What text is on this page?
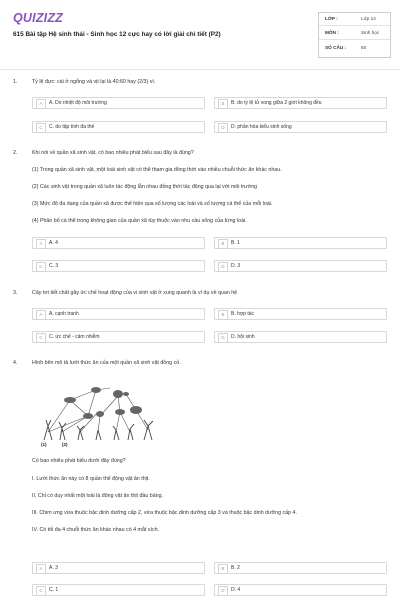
QUIZIZZ
615 Bài tập Hệ sinh thái - Sinh học 12 cực hay có lời giải chi tiết (P2)
LỚP :	Lớp 12
MÔN :	Sinh học
SỐ CÂU :	50
1.	Tỷ lệ đực: cái ở ngỗng và vịt lại là 40:60 hay (2/3) vì.
A	A. Do nhiệt độ môi trường	B	B. do tỷ lệ tử vong giữa 2 giới không đều
C	C. do tập tính đa thê	D	D. phân hóa kiểu sinh sống
2.	Khi nói về quần xã sinh vật, có bao nhiêu phát biểu sau đây là đúng?
(1) Trong quần xã sinh vật, một loài sinh vật có thể tham gia đồng thời vào nhiều chuỗi thức ăn khác nhau.
(2) Các sinh vật trong quần xã luôn tác động lẫn nhau đồng thời tác động qua lại với môi trường
(3) Mức độ đa dạng của quần xã được thể hiện qua số lượng các loài và số lượng cá thể của mỗi loài.
(4) Phân bố cá thể trong không gian của quần xã tùy thuộc vào nhu cầu sống của từng loài.
A	A. 4	B	B. 1
C	C. 3	D	D. 3
3.	Cây tơi tiết chất gây ức chế hoạt động của vi sinh vật ở xung quanh là ví dụ về quan hệ
A	A. cạnh tranh	B	B. hợp tác
C	C. ức chế - cảm nhiễm	D	D. hội sinh
4.	Hình bên mô tả lưới thức ăn của một quần xã sinh vật đồng cỏ.
(1)	(2)
Có bao nhiêu phát biểu dưới đây đúng?
I. Lưới thức ăn này có 8 quần thể động vật ăn thịt.
II. Chỉ có duy nhất một loài là động vật ăn thịt đầu bảng.
III. Chim ưng vừa thuộc bậc dinh dưỡng cấp 2, vừa thuộc bậc dinh dưỡng cấp 3 và thuộc bậc dinh dưỡng cấp 4.
IV. Có tối đa 4 chuỗi thức ăn khác nhau có 4 mắt xích.
A	A. 3	B	B. 2
C	C. 1	D	D. 4
